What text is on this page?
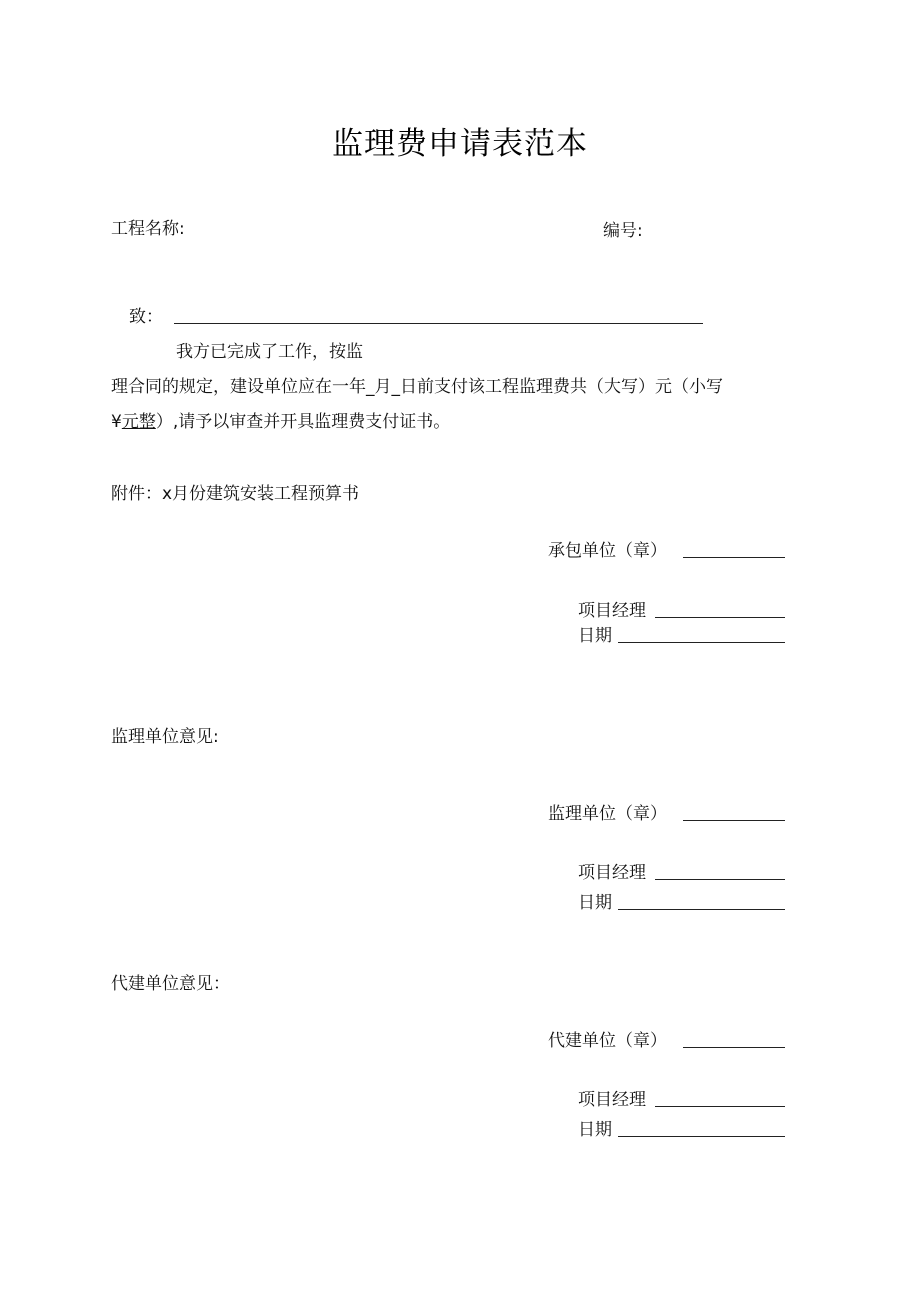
监理费申请表范本
工程名称:	编号:
致：
我方已完成了工作，按监
理合同的规定，建设单位应在一年_月_日前支付该工程监理费共（大写）元（小写
¥元整）,请予以审查并开具监理费支付证书。
附件：x月份建筑安装工程预算书
承包单位（章）
项目经理
日期
监理单位意见:
监理单位（章）
项目经理
日期
代建单位意见：
代建单位（章）
项目经理
日期
